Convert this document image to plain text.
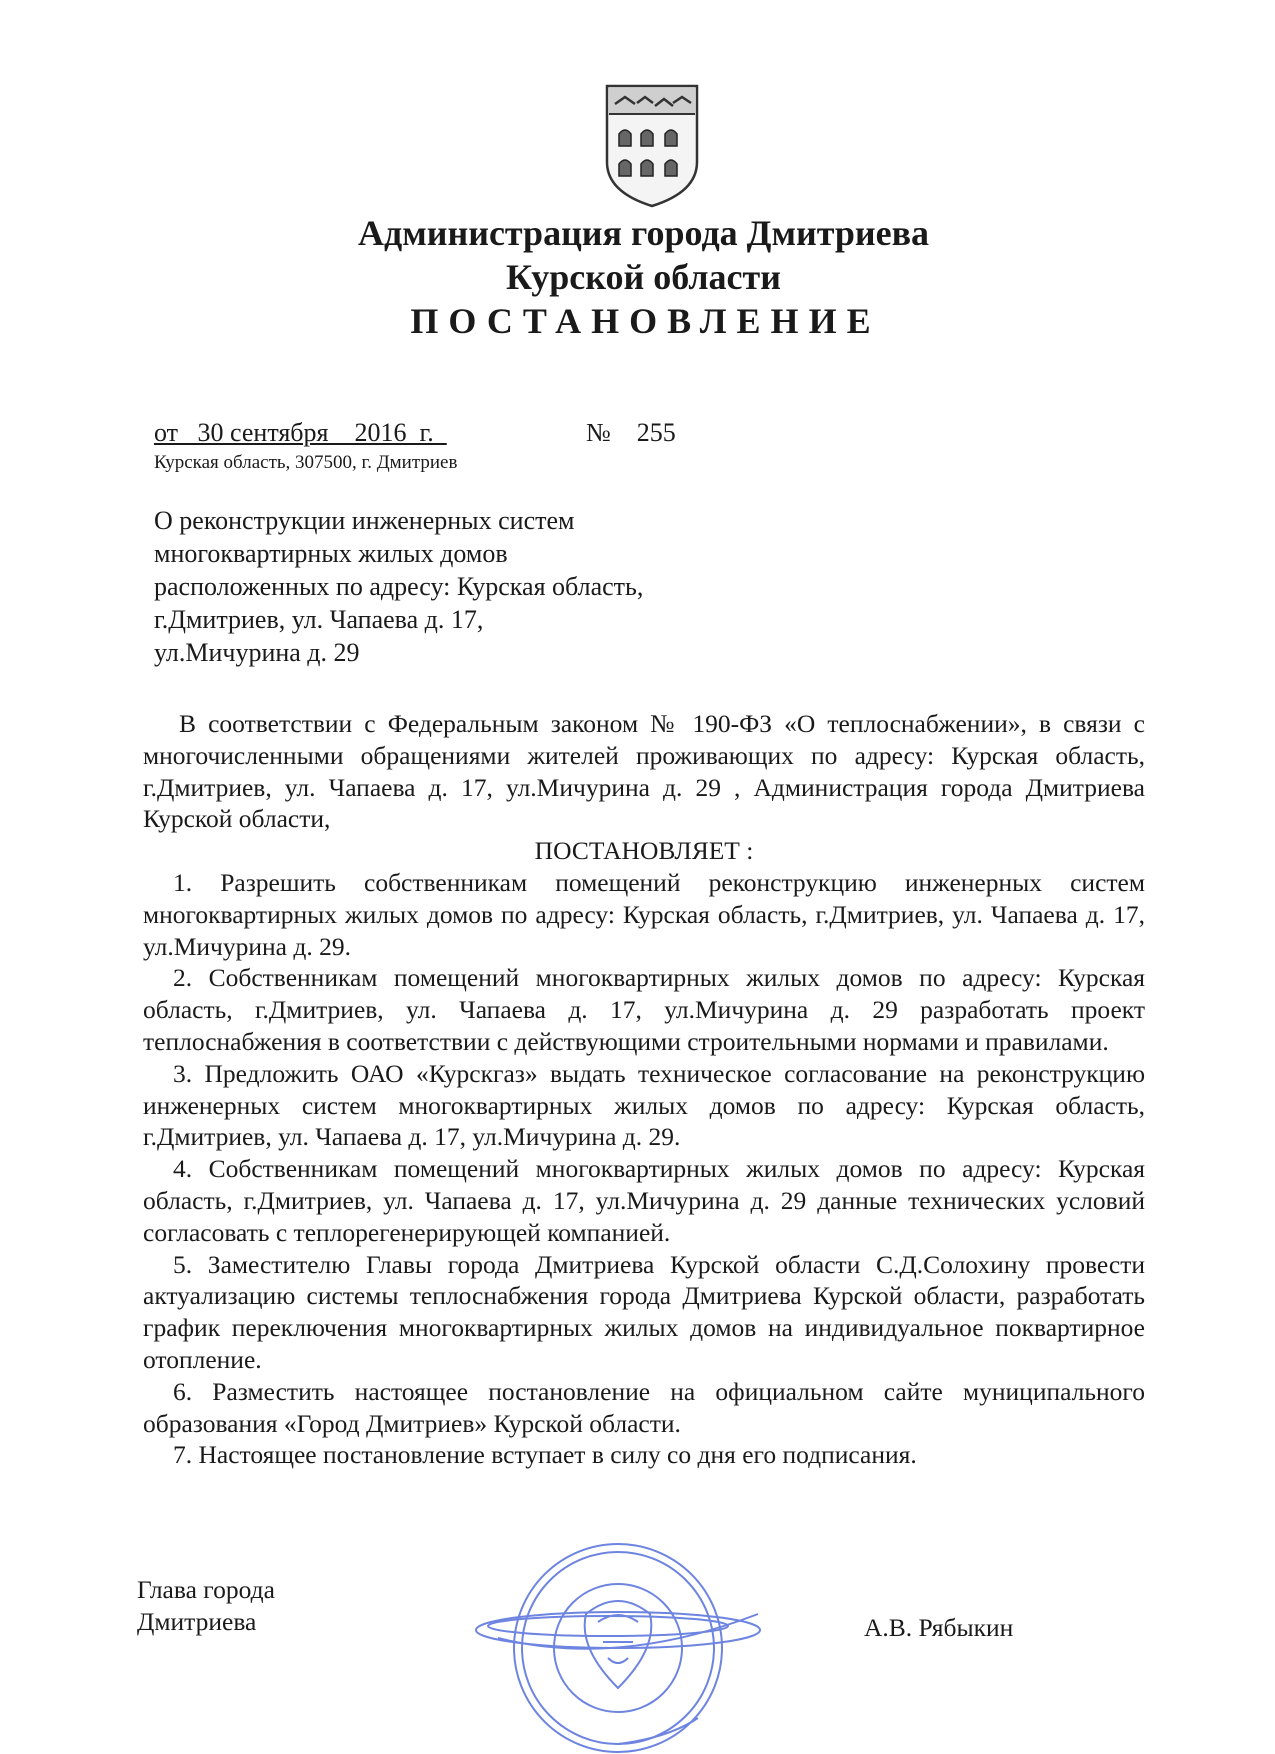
Администрация города Дмитриева
Курской области
ПОСТАНОВЛЕНИЕ
от   30 сентября    2016  г.	№    255
Курская область, 307500, г. Дмитриев
О реконструкции инженерных систем
многоквартирных жилых домов
расположенных по адресу: Курская область,
г.Дмитриев, ул. Чапаева д. 17,
ул.Мичурина д. 29

В соответствии с Федеральным законом № 190-ФЗ «О теплоснабжении», в связи с многочисленными обращениями жителей проживающих по адресу: Курская область, г.Дмитриев, ул. Чапаева д. 17, ул.Мичурина д. 29 , Администрация города Дмитриева Курской области,

ПОСТАНОВЛЯЕТ :

1. Разрешить собственникам помещений реконструкцию инженерных систем многоквартирных жилых домов по адресу: Курская область, г.Дмитриев, ул. Чапаева д. 17, ул.Мичурина д. 29.

2. Собственникам помещений многоквартирных жилых домов по адресу: Курская область, г.Дмитриев, ул. Чапаева д. 17, ул.Мичурина д. 29 разработать проект теплоснабжения в соответствии с действующими строительными нормами и правилами.

3. Предложить ОАО «Курскгаз» выдать техническое согласование на реконструкцию инженерных систем многоквартирных жилых домов по адресу: Курская область, г.Дмитриев, ул. Чапаева д. 17, ул.Мичурина д. 29.

4. Собственникам помещений многоквартирных жилых домов по адресу: Курская область, г.Дмитриев, ул. Чапаева д. 17, ул.Мичурина д. 29 данные технических условий согласовать с теплорегенерирующей компанией.

5. Заместителю Главы города Дмитриева Курской области С.Д.Солохину провести актуализацию системы теплоснабжения города Дмитриева Курской области, разработать график переключения многоквартирных жилых домов на индивидуальное поквартирное отопление.

6. Разместить настоящее постановление на официальном сайте муниципального образования «Город Дмитриев» Курской области.

7. Настоящее постановление вступает в силу со дня его подписания.

Глава города
Дмитриева	А.В. Рябыкин
